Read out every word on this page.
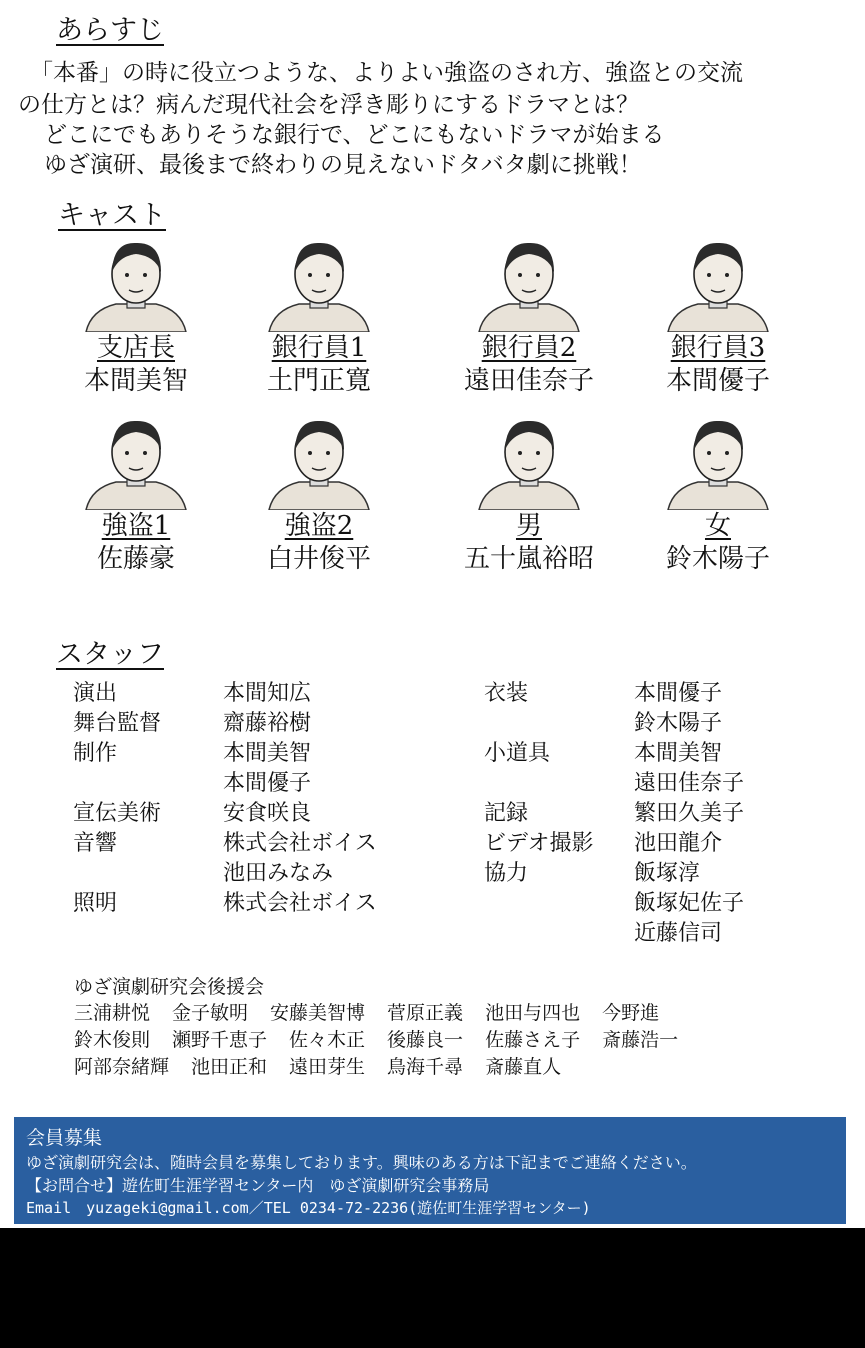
あらすじ
「本番」の時に役立つような、よりよい強盗のされ方、強盗との交流
の仕方とは？病んだ現代社会を浮き彫りにするドラマとは？
どこにでもありそうな銀行で、どこにもないドラマが始まる
ゆざ演研、最後まで終わりの見えないドタバタ劇に挑戦！
キャスト
支店長
本間美智
銀行員1
土門正寛
銀行員2
遠田佳奈子
銀行員3
本間優子
強盗1
佐藤豪
強盗2
白井俊平
男
五十嵐裕昭
女
鈴木陽子
スタッフ
演出	本間知広
舞台監督	齋藤裕樹
制作	本間美智
本間優子
宣伝美術	安食咲良
音響	株式会社ボイス
池田みなみ
照明	株式会社ボイス
衣装	本間優子
鈴木陽子
小道具	本間美智
遠田佳奈子
記録	繁田久美子
ビデオ撮影 池田龍介
協力	飯塚淳
飯塚妃佐子
近藤信司
ゆざ演劇研究会後援会
三浦耕悦 金子敏明 安藤美智博 菅原正義 池田与四也 今野進
鈴木俊則 瀬野千恵子 佐々木正 後藤良一 佐藤さえ子 斎藤浩一
阿部奈緒輝 池田正和 遠田芽生 鳥海千尋 斎藤直人
会員募集
ゆざ演劇研究会は、随時会員を募集しております。興味のある方は下記までご連絡ください。
【お問合せ】遊佐町生涯学習センター内　ゆざ演劇研究会事務局
Email　yuzageki@gmail.com／TEL 0234-72-2236(遊佐町生涯学習センター)
